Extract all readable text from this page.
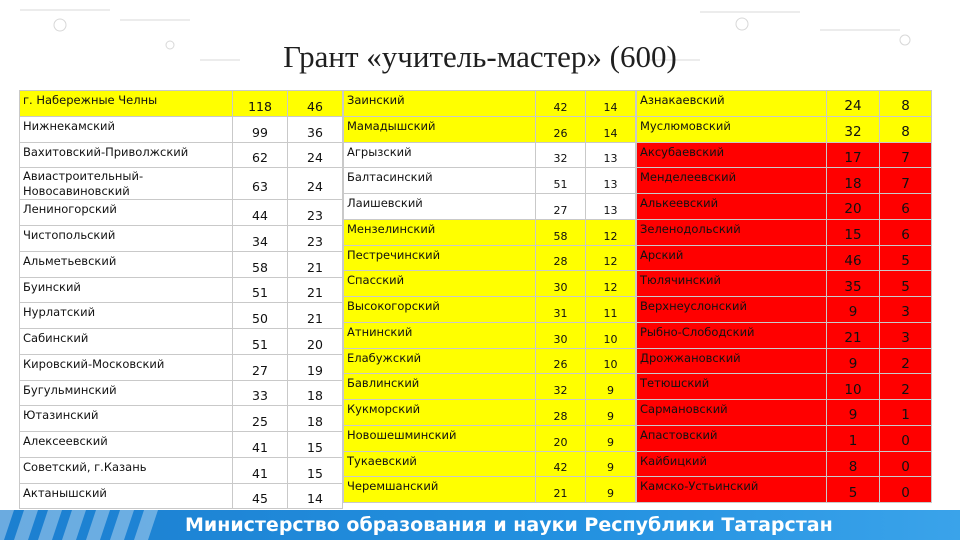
Грант «учитель-мастер» (600)
г. Набережные Челны	118	46
Нижнекамский	99	36
Вахитовский-Приволжский	62	24
Авиастроительный-Новосавиновский	63	24
Лениногорский	44	23
Чистопольский	34	23
Альметьевский	58	21
Буинский	51	21
Нурлатский	50	21
Сабинский	51	20
Кировский-Московский	27	19
Бугульминский	33	18
Ютазинский	25	18
Алексеевский	41	15
Советский, г.Казань	41	15
Актанышский	45	14
Заинский	42	14
Мамадышский	26	14
Агрызский	32	13
Балтасинский	51	13
Лаишевский	27	13
Мензелинский	58	12
Пестречинский	28	12
Спасский	30	12
Высокогорский	31	11
Атнинский	30	10
Елабужский	26	10
Бавлинский	32	9
Кукморский	28	9
Новошешминский	20	9
Тукаевский	42	9
Черемшанский	21	9
Азнакаевский	24	8
Муслюмовский	32	8
Аксубаевский	17	7
Менделеевский	18	7
Алькеевский	20	6
Зеленодольский	15	6
Арский	46	5
Тюлячинский	35	5
Верхнеуслонский	9	3
Рыбно-Слободский	21	3
Дрожжановский	9	2
Тетюшский	10	2
Сармановский	9	1
Апастовский	1	0
Кайбицкий	8	0
Камско-Устьинский	5	0
Министерство образования и науки Республики Татарстан
